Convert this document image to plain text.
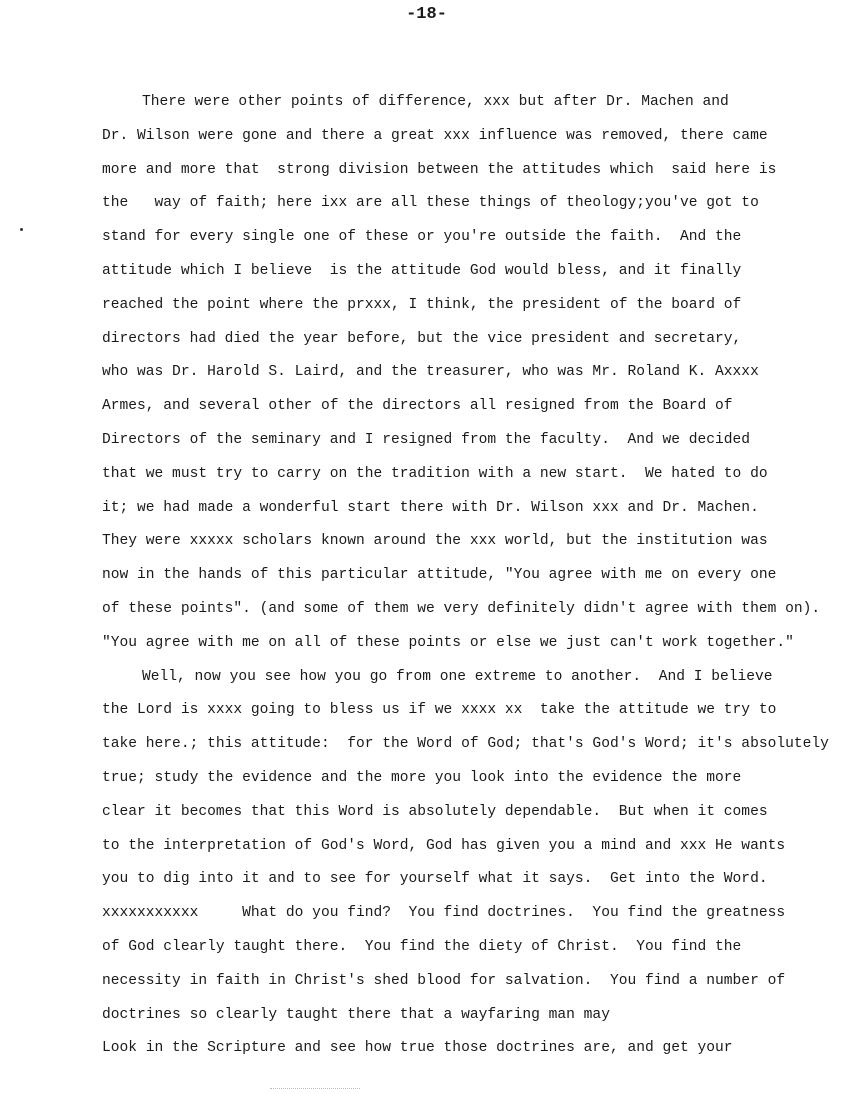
-18-
There were other points of difference, xxx but after Dr. Machen and
Dr. Wilson were gone and there a great xxx influence was removed, there came
more and more that  strong division between the attitudes which  said here is
the   way of faith; here ixx are all these things of theology;you've got to
stand for every single one of these or you're outside the faith.  And the
attitude which I believe  is the attitude God would bless, and it finally
reached the point where the prxxx, I think, the president of the board of
directors had died the year before, but the vice president and secretary,
who was Dr. Harold S. Laird, and the treasurer, who was Mr. Roland K. Axxxx
Armes, and several other of the directors all resigned from the Board of
Directors of the seminary and I resigned from the faculty.  And we decided
that we must try to carry on the tradition with a new start.  We hated to do
it; we had made a wonderful start there with Dr. Wilson xxx and Dr. Machen.
They were xxxxx scholars known around the xxx world, but the institution was
now in the hands of this particular attitude, "You agree with me on every one
of these points". (and some of them we very definitely didn't agree with them on).
"You agree with me on all of these points or else we just can't work together."
Well, now you see how you go from one extreme to another.  And I believe
the Lord is xxxx going to bless us if we xxxx xx  take the attitude we try to
take here.; this attitude:  for the Word of God; that's God's Word; it's absolutely
true; study the evidence and the more you look into the evidence the more
clear it becomes that this Word is absolutely dependable.  But when it comes
to the interpretation of God's Word, God has given you a mind and xxx He wants
you to dig into it and to see for yourself what it says.  Get into the Word.
xxxxxxxxxxx     What do you find?  You find doctrines.  You find the greatness
of God clearly taught there.  You find the diety of Christ.  You find the
necessity in faith in Christ's shed blood for salvation.  You find a number of
doctrines so clearly taught there that a wayfaring man may
Look in the Scripture and see how true those doctrines are, and get your
